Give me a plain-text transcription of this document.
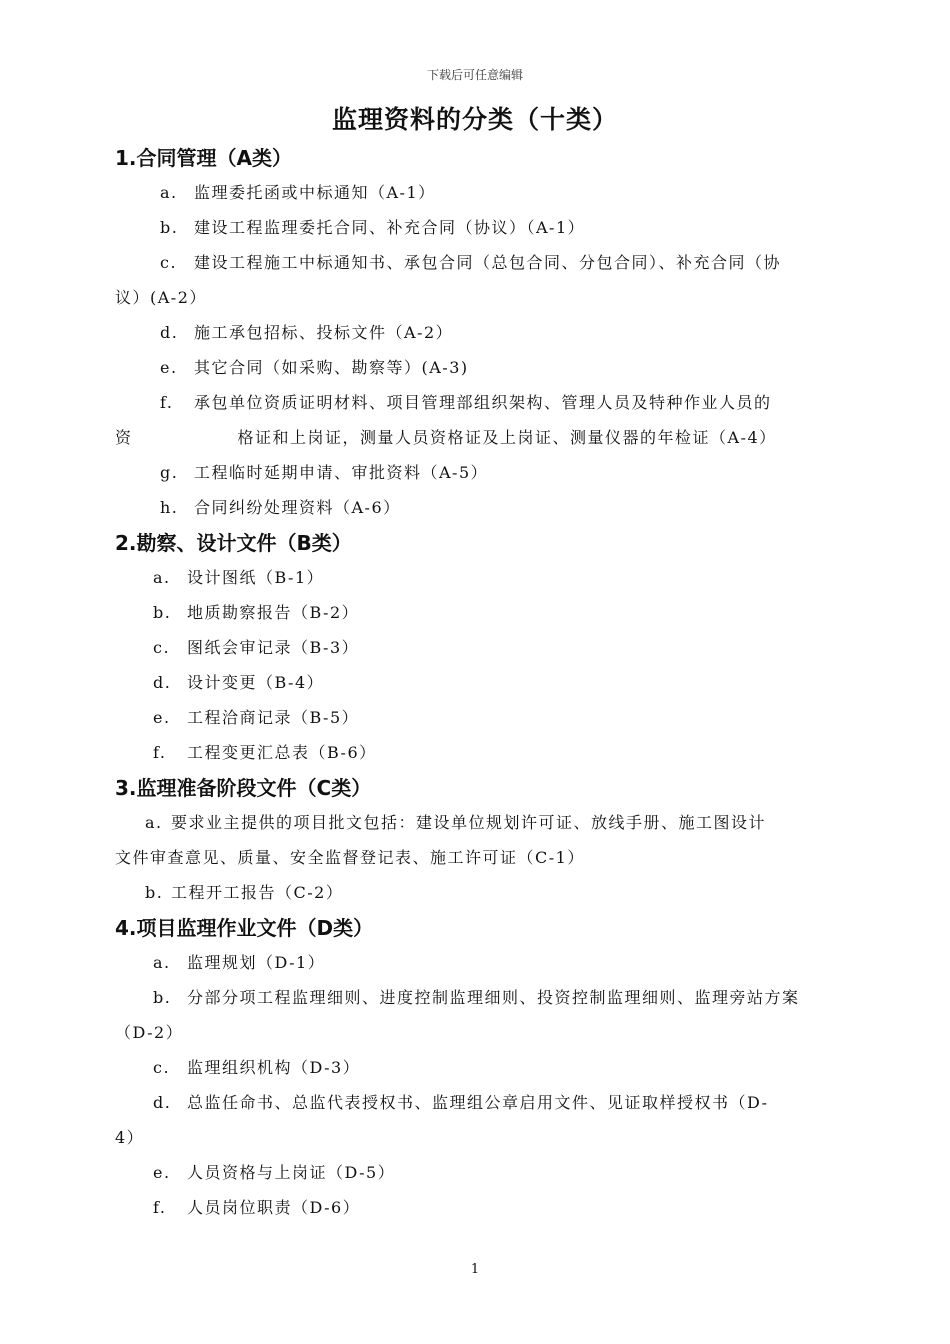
下载后可任意编辑
监理资料的分类（十类）
1.合同管理（A类）
a. 监理委托函或中标通知（A-1）
b. 建设工程监理委托合同、补充合同（协议）（A-1）
c. 建设工程施工中标通知书、承包合同（总包合同、分包合同）、补充合同（协
议）(A-2）
d. 施工承包招标、投标文件（A-2）
e. 其它合同（如采购、勘察等）(A-3)
f. 承包单位资质证明材料、项目管理部组织架构、管理人员及特种作业人员的
资	格证和上岗证，测量人员资格证及上岗证、测量仪器的年检证（A-4）
g. 工程临时延期申请、审批资料（A-5）
h. 合同纠纷处理资料（A-6）
2.勘察、设计文件（B类）
a. 设计图纸（B-1）
b. 地质勘察报告（B-2）
c. 图纸会审记录（B-3）
d. 设计变更（B-4）
e. 工程洽商记录（B-5）
f. 工程变更汇总表（B-6）
3.监理准备阶段文件（C类）
a. 要求业主提供的项目批文包括：建设单位规划许可证、放线手册、施工图设计
文件审查意见、质量、安全监督登记表、施工许可证（C-1）
b. 工程开工报告（C-2）
4.项目监理作业文件（D类）
a. 监理规划（D-1）
b. 分部分项工程监理细则、进度控制监理细则、投资控制监理细则、监理旁站方案
（D-2）
c. 监理组织机构（D-3）
d. 总监任命书、总监代表授权书、监理组公章启用文件、见证取样授权书（D-
4）
e. 人员资格与上岗证（D-5）
f. 人员岗位职责（D-6）
1
